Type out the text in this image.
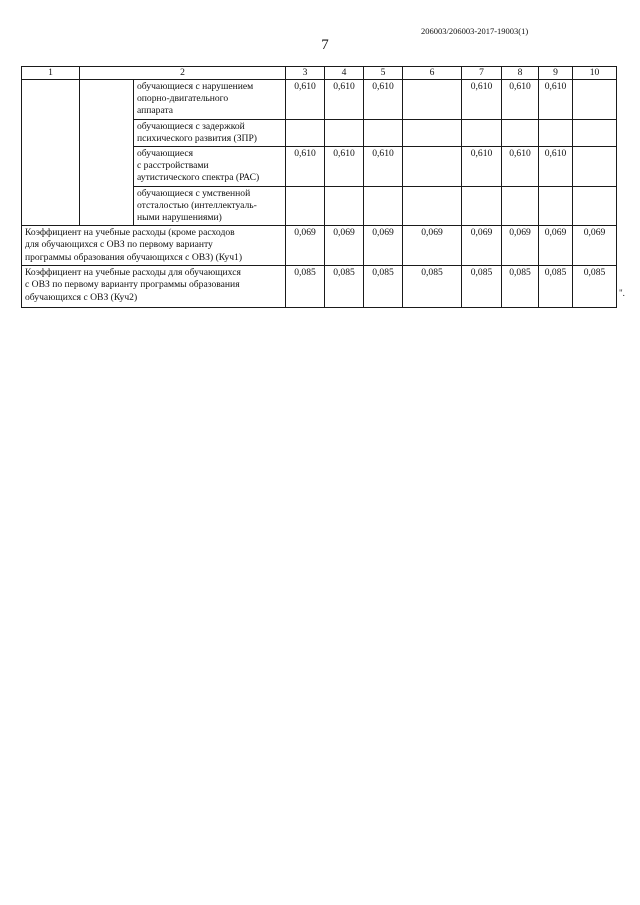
206003/206003-2017-19003(1)
7
1	2		3	4	5	6	7	8	9	10

		обучающиеся с нарушением
опорно-двигательного
аппарата	0,610	0,610	0,610		0,610	0,610	0,610	

		обучающиеся с задержкой
психического развития (ЗПР)								

		обучающиеся
с расстройствами
аутистического спектра (РАС)	0,610	0,610	0,610		0,610	0,610	0,610	

		обучающиеся с умственной
отсталостью (интеллектуаль-
ными нарушениями)								

Коэффициент на учебные расходы (кроме расходов
для обучающихся с ОВЗ по первому варианту
программы образования обучающихся с ОВЗ) (Куч1)			0,069	0,069	0,069	0,069	0,069	0,069	0,069	0,069

Коэффициент на учебные расходы для обучающихся
с ОВЗ по первому варианту программы образования
обучающихся с ОВЗ (Куч2)			0,085	0,085	0,085	0,085	0,085	0,085	0,085	0,085
".
